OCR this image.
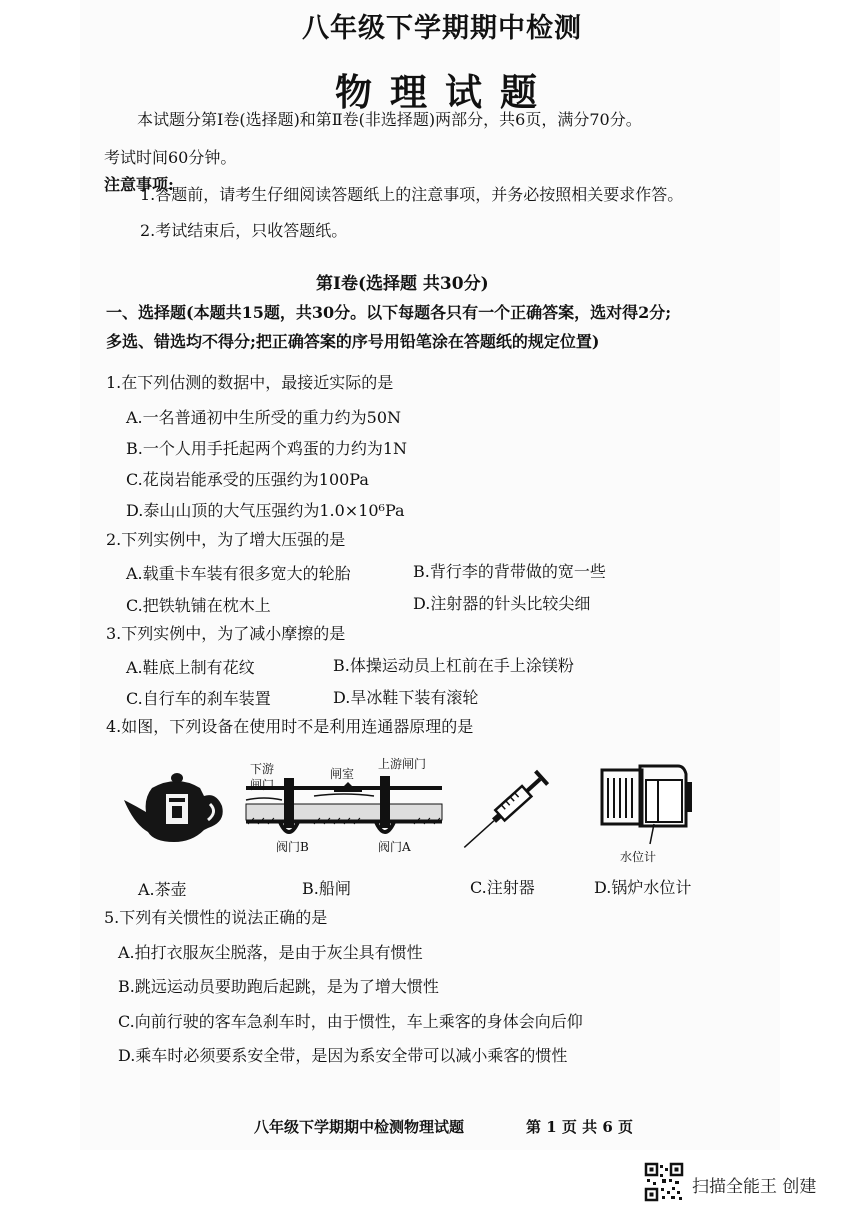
八年级下学期期中检测
物理试题
本试题分第Ⅰ卷(选择题)和第Ⅱ卷(非选择题)两部分，共6页，满分70分。
考试时间60分钟。
注意事项:
1.答题前，请考生仔细阅读答题纸上的注意事项，并务必按照相关要求作答。
2.考试结束后，只收答题纸。
第Ⅰ卷(选择题 共30分)
一、选择题(本题共15题，共30分。以下每题各只有一个正确答案，选对得2分;
多选、错选均不得分;把正确答案的序号用铅笔涂在答题纸的规定位置)
1.在下列估测的数据中，最接近实际的是
A.一名普通初中生所受的重力约为50N
B.一个人用手托起两个鸡蛋的力约为1N
C.花岗岩能承受的压强约为100Pa
D.泰山山顶的大气压强约为1.0×10⁶Pa
2.下列实例中，为了增大压强的是
A.载重卡车装有很多宽大的轮胎	B.背行李的背带做的宽一些
C.把铁轨铺在枕木上	D.注射器的针头比较尖细
3.下列实例中，为了减小摩擦的是
A.鞋底上制有花纹	B.体操运动员上杠前在手上涂镁粉
C.自行车的刹车装置	D.旱冰鞋下装有滚轮
4.如图，下列设备在使用时不是利用连通器原理的是
下游
闸门
闸室
上游闸门
阀门B	阀门A
水位计
A.茶壶	B.船闸	C.注射器	D.锅炉水位计
5.下列有关惯性的说法正确的是
A.拍打衣服灰尘脱落，是由于灰尘具有惯性
B.跳远运动员要助跑后起跳，是为了增大惯性
C.向前行驶的客车急刹车时，由于惯性，车上乘客的身体会向后仰
D.乘车时必须要系安全带，是因为系安全带可以减小乘客的惯性
八年级下学期期中检测物理试题	第 1 页 共 6 页
扫描全能王 创建
